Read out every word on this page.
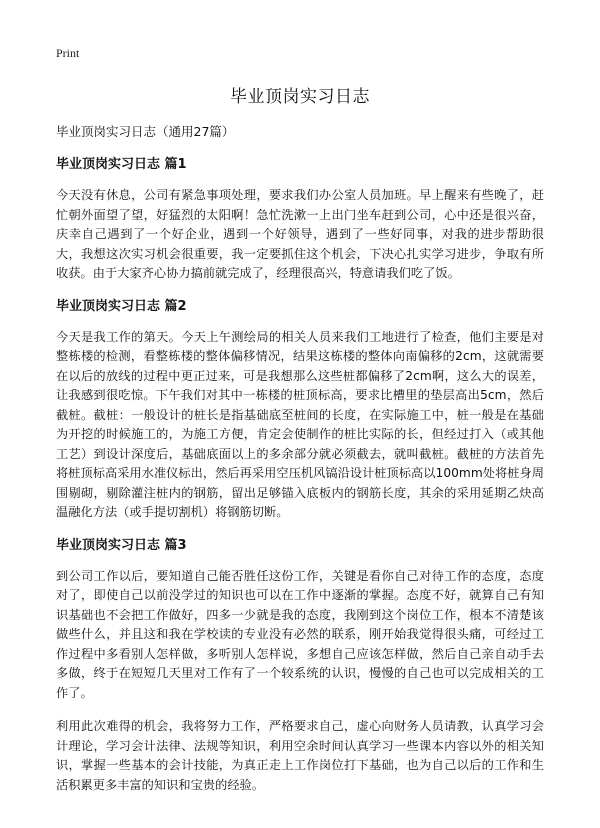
Print

毕业顶岗实习日志

毕业顶岗实习日志（通用27篇）

毕业顶岗实习日志 篇1

今天没有休息，公司有紧急事项处理，要求我们办公室人员加班。早上醒来有些晚了，赶忙朝外面望了望，好猛烈的太阳啊！急忙洗漱一上出门坐车赶到公司，心中还是很兴奋，庆幸自己遇到了一个好企业，遇到一个好领导，遇到了一些好同事，对我的进步帮助很大，我想这次实习机会很重要，我一定要抓住这个机会，下决心扎实学习进步，争取有所收获。由于大家齐心协力搞前就完成了，经理很高兴，特意请我们吃了饭。

毕业顶岗实习日志 篇2

今天是我工作的第天。今天上午测绘局的相关人员来我们工地进行了检查，他们主要是对整栋楼的检测，看整栋楼的整体偏移情况，结果这栋楼的整体向南偏移的2cm，这就需要在以后的放线的过程中更正过来，可是我想那么这些桩都偏移了2cm啊，这么大的误差，让我感到很吃惊。下午我们对其中一栋楼的桩顶标高，要求比槽里的垫层高出5cm，然后截桩。截桩：一般设计的桩长是指基础底至桩间的长度，在实际施工中，桩一般是在基础为开挖的时候施工的，为施工方便，肯定会使制作的桩比实际的长，但经过打入（或其他工艺）到设计深度后，基础底面以上的多余部分就必须截去，就叫截桩。截桩的方法首先将桩顶标高采用水准仪标出，然后再采用空压机风镐沿设计桩顶标高以100mm处将桩身周围剔砌，剔除灌注桩内的钢筋，留出足够锚入底板内的钢筋长度，其余的采用延期乙炔高温融化方法（或手提切割机）将钢筋切断。

毕业顶岗实习日志 篇3

到公司工作以后，要知道自己能否胜任这份工作，关键是看你自己对待工作的态度，态度对了，即使自己以前没学过的知识也可以在工作中逐渐的掌握。态度不好，就算自己有知识基础也不会把工作做好，四多一少就是我的态度，我刚到这个岗位工作，根本不清楚该做些什么，并且这和我在学校读的专业没有必然的联系，刚开始我觉得很头痛，可经过工作过程中多看别人怎样做，多听别人怎样说，多想自己应该怎样做，然后自己亲自动手去多做，终于在短短几天里对工作有了一个较系统的认识，慢慢的自己也可以完成相关的工作了。

利用此次难得的机会，我将努力工作，严格要求自己，虚心向财务人员请教，认真学习会计理论，学习会计法律、法规等知识，利用空余时间认真学习一些课本内容以外的相关知识，掌握一些基本的会计技能，为真正走上工作岗位打下基础，也为自己以后的工作和生活积累更多丰富的知识和宝贵的经验。
